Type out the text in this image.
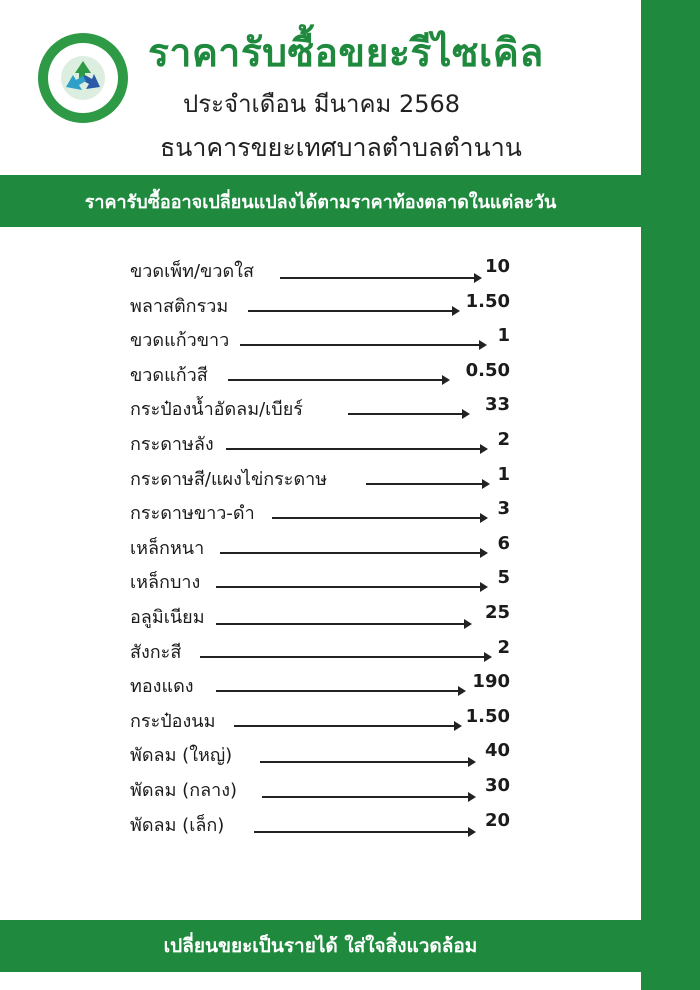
ราคารับซื้อขยะรีไซเคิล
ประจำเดือน มีนาคม 2568
ธนาคารขยะเทศบาลตำบลตำนาน
ราคารับซื้ออาจเปลี่ยนแปลงได้ตามราคาท้องตลาดในแต่ละวัน
ขวดเพ็ท/ขวดใส	10
พลาสติกรวม	1.50
ขวดแก้วขาว	1
ขวดแก้วสี	0.50
กระป๋องน้ำอัดลม/เบียร์	33
กระดาษลัง	2
กระดาษสี/แผงไข่กระดาษ	1
กระดาษขาว-ดำ	3
เหล็กหนา	6
เหล็กบาง	5
อลูมิเนียม	25
สังกะสี	2
ทองแดง	190
กระป๋องนม	1.50
พัดลม (ใหญ่)	40
พัดลม (กลาง)	30
พัดลม (เล็ก)	20
เปลี่ยนขยะเป็นรายได้ ใส่ใจสิ่งแวดล้อม
